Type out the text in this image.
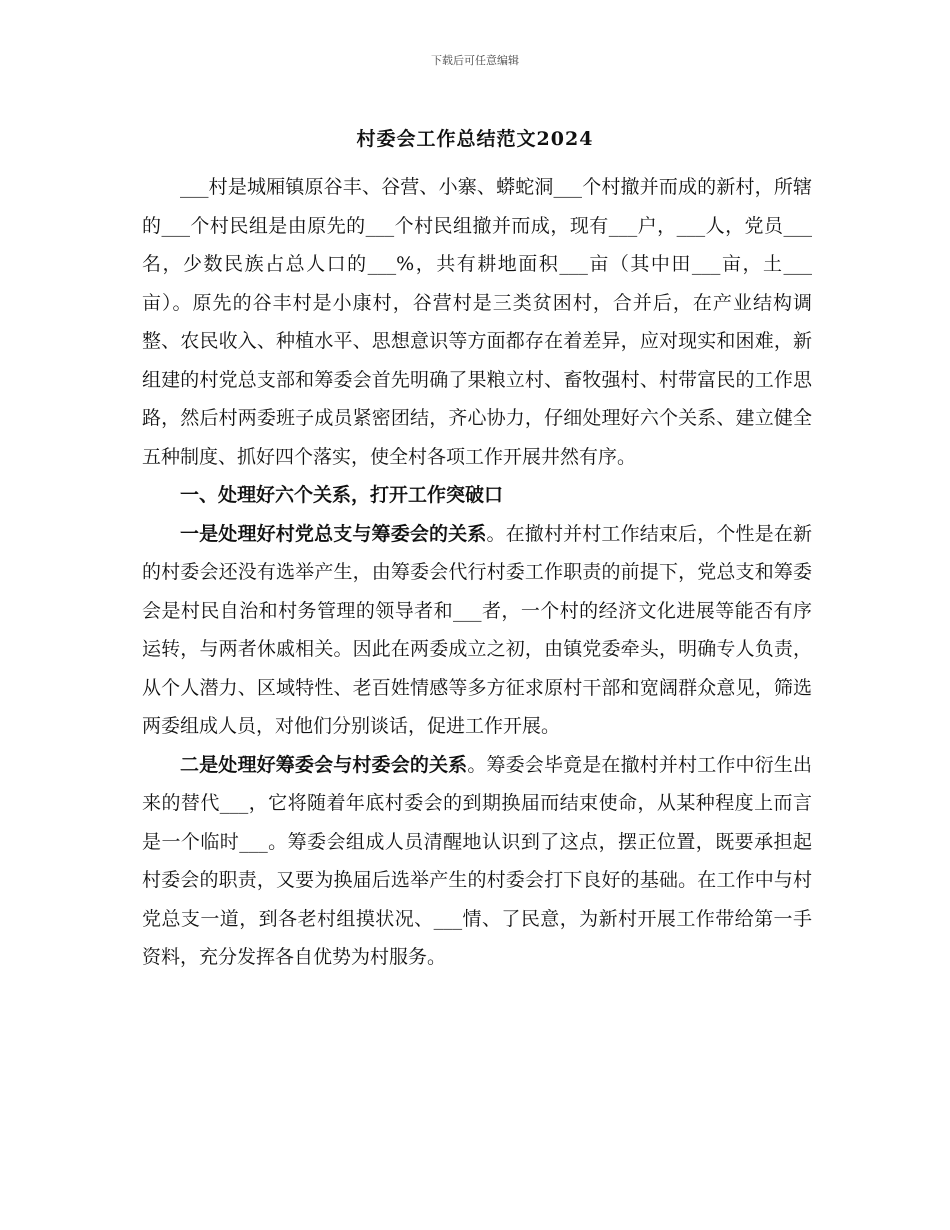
下载后可任意编辑
村委会工作总结范文2024

___村是城厢镇原谷丰、谷营、小寨、蟒蛇洞___个村撤并而成的新村，所辖的___个村民组是由原先的___个村民组撤并而成，现有___户，___人，党员___名，少数民族占总人口的___%，共有耕地面积___亩（其中田___亩，土___亩）。原先的谷丰村是小康村，谷营村是三类贫困村，合并后，在产业结构调整、农民收入、种植水平、思想意识等方面都存在着差异，应对现实和困难，新组建的村党总支部和筹委会首先明确了果粮立村、畜牧强村、村带富民的工作思路，然后村两委班子成员紧密团结，齐心协力，仔细处理好六个关系、建立健全五种制度、抓好四个落实，使全村各项工作开展井然有序。

一、处理好六个关系，打开工作突破口

一是处理好村党总支与筹委会的关系。在撤村并村工作结束后，个性是在新的村委会还没有选举产生，由筹委会代行村委工作职责的前提下，党总支和筹委会是村民自治和村务管理的领导者和___者，一个村的经济文化进展等能否有序运转，与两者休戚相关。因此在两委成立之初，由镇党委牵头，明确专人负责，从个人潜力、区域特性、老百姓情感等多方征求原村干部和宽阔群众意见，筛选两委组成人员，对他们分别谈话，促进工作开展。

二是处理好筹委会与村委会的关系。筹委会毕竟是在撤村并村工作中衍生出来的替代___，它将随着年底村委会的到期换届而结束使命，从某种程度上而言是一个临时___。筹委会组成人员清醒地认识到了这点，摆正位置，既要承担起村委会的职责，又要为换届后选举产生的村委会打下良好的基础。在工作中与村党总支一道，到各老村组摸状况、___情、了民意，为新村开展工作带给第一手资料，充分发挥各自优势为村服务。
